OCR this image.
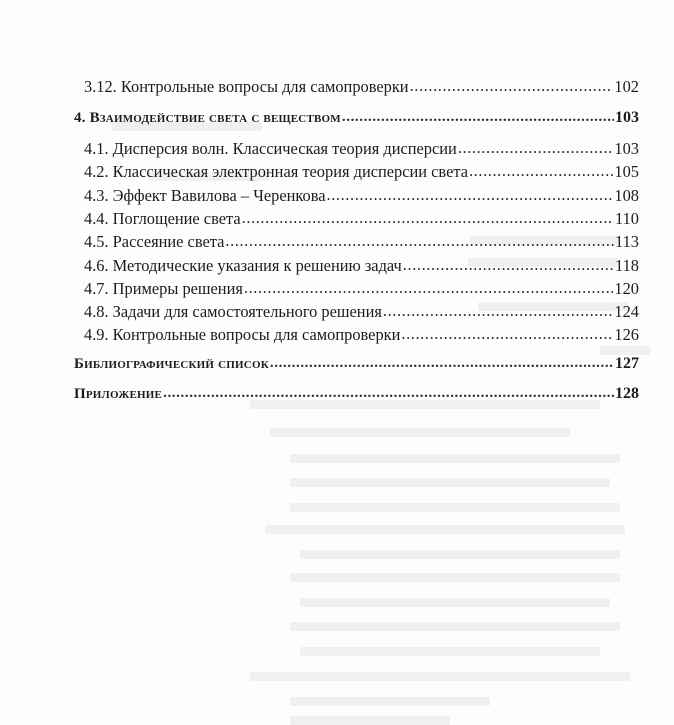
3.12. Контрольные вопросы для самопроверки .....	102
4. Взаимодействие света с веществом .....	103
4.1. Дисперсия волн. Классическая теория дисперсии .....	103
4.2. Классическая электронная теория дисперсии света .....	105
4.3. Эффект Вавилова – Черенкова .....	108
4.4. Поглощение света .....	110
4.5. Рассеяние света .....	113
4.6. Методические указания к решению задач .....	118
4.7. Примеры решения .....	120
4.8. Задачи для самостоятельного решения .....	124
4.9. Контрольные вопросы для самопроверки .....	126
Библиографический список .....	127
Приложение .....	128
